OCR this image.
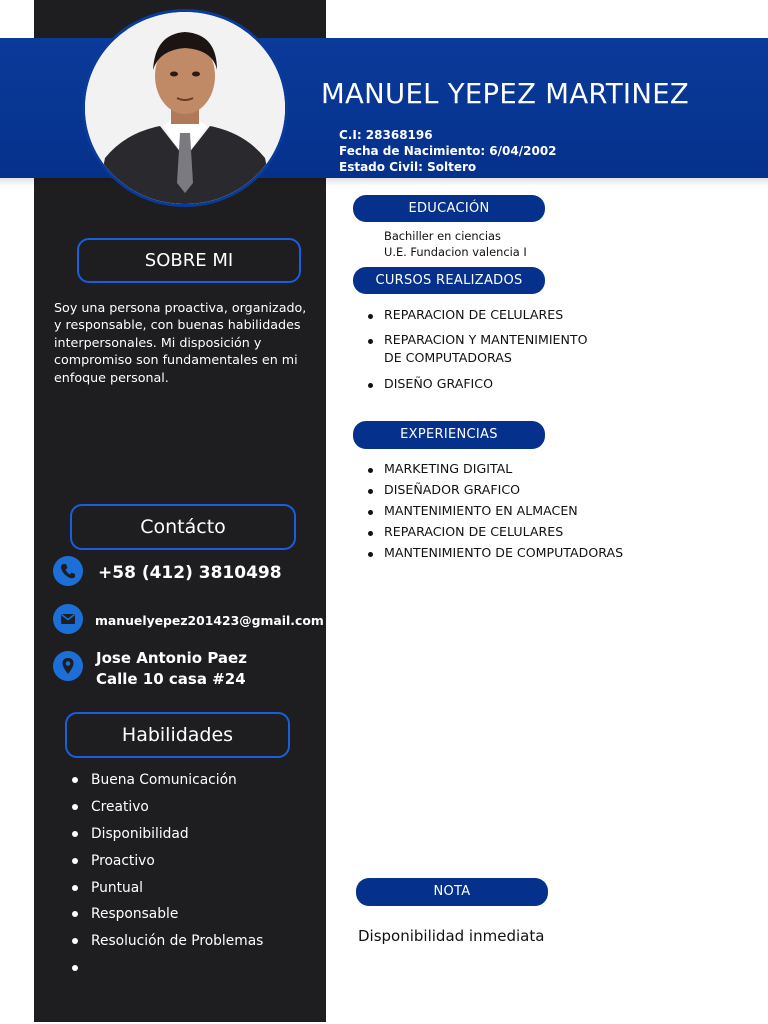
MANUEL YEPEZ MARTINEZ
C.I: 28368196
Fecha de Nacimiento: 6/04/2002
Estado Civil: Soltero
SOBRE MI
Soy una persona proactiva, organizado, y responsable, con buenas habilidades interpersonales. Mi disposición y compromiso son fundamentales en mi enfoque personal.
Contácto
+58 (412) 3810498
manuelyepez201423@gmail.com
Jose Antonio Paez
Calle 10 casa #24
Habilidades
Buena Comunicación
Creativo
Disponibilidad
Proactivo
Puntual
Responsable
Resolución de Problemas
EDUCACIÓN
Bachiller en ciencias
U.E. Fundacion valencia I
CURSOS REALIZADOS
REPARACION DE CELULARES
REPARACION Y MANTENIMIENTO
DE COMPUTADORAS
DISEÑO GRAFICO
EXPERIENCIAS
MARKETING DIGITAL
DISEÑADOR GRAFICO
MANTENIMIENTO EN ALMACEN
REPARACION DE CELULARES
MANTENIMIENTO DE COMPUTADORAS
NOTA
Disponibilidad inmediata
